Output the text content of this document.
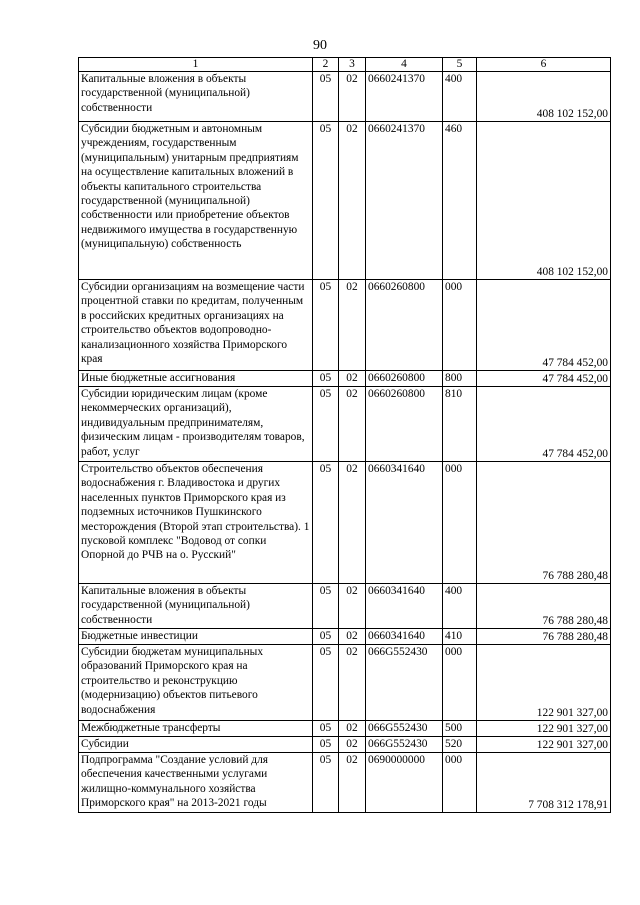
90
1	2	3	4	5	6
Капитальные вложения в объекты государственной (муниципальной) собственности	05	02	0660241370	400	408 102 152,00
Субсидии бюджетным и автономным учреждениям, государственным (муниципальным) унитарным предприятиям на осуществление капитальных вложений в объекты капитального строительства государственной (муниципальной) собственности или приобретение объектов недвижимого имущества в государственную (муниципальную) собственность	05	02	0660241370	460	408 102 152,00
Субсидии организациям на возмещение части процентной ставки по кредитам, полученным в российских кредитных организациях на строительство объектов водопроводно-канализационного хозяйства Приморского края	05	02	0660260800	000	47 784 452,00
Иные бюджетные ассигнования	05	02	0660260800	800	47 784 452,00
Субсидии юридическим лицам (кроме некоммерческих организаций), индивидуальным предпринимателям, физическим лицам - производителям товаров, работ, услуг	05	02	0660260800	810	47 784 452,00
Строительство объектов обеспечения водоснабжения г. Владивостока и других населенных пунктов Приморского края из подземных источников Пушкинского месторождения (Второй этап строительства). 1 пусковой комплекс "Водовод от сопки Опорной до РЧВ на о. Русский"	05	02	0660341640	000	76 788 280,48
Капитальные вложения в объекты государственной (муниципальной) собственности	05	02	0660341640	400	76 788 280,48
Бюджетные инвестиции	05	02	0660341640	410	76 788 280,48
Субсидии бюджетам муниципальных образований Приморского края на строительство и реконструкцию (модернизацию) объектов питьевого водоснабжения	05	02	066G552430	000	122 901 327,00
Межбюджетные трансферты	05	02	066G552430	500	122 901 327,00
Субсидии	05	02	066G552430	520	122 901 327,00
Подпрограмма "Создание условий для обеспечения качественными услугами жилищно-коммунального хозяйства Приморского края" на 2013-2021 годы	05	02	0690000000	000	7 708 312 178,91
